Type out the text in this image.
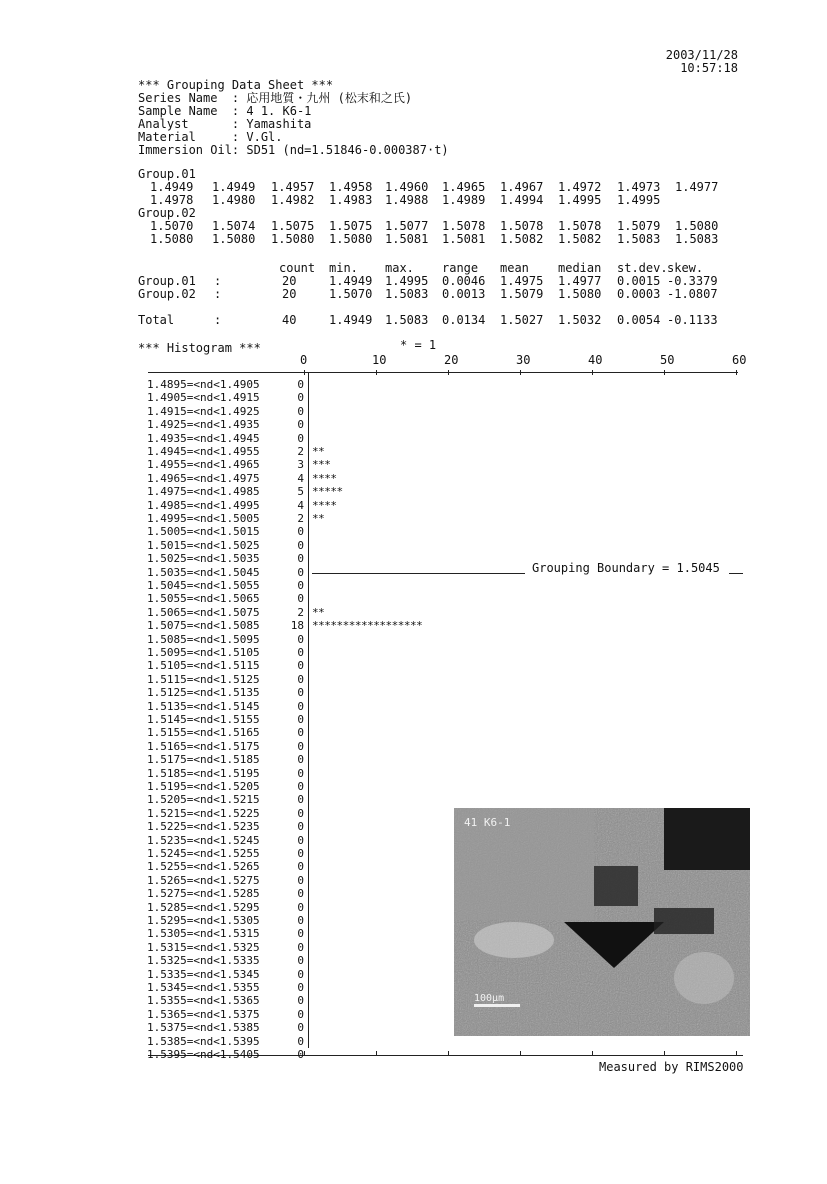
2003/11/28
10:57:18
*** Grouping Data Sheet ***
Series Name  : 応用地質・九州 (松末和之氏)
Sample Name  : 4 1. K6-1
Analyst      : Yamashita
Material     : V.Gl.
Immersion Oil: SD51 (nd=1.51846-0.000387·t)
Group.01
1.4949 1.4949 1.4957 1.4958 1.4960 1.4965 1.4967 1.4972 1.4973 1.4977
1.4978 1.4980 1.4982 1.4983 1.4988 1.4989 1.4994 1.4995 1.4995
Group.02
1.5070 1.5074 1.5075 1.5075 1.5077 1.5078 1.5078 1.5078 1.5079 1.5080
1.5080 1.5080 1.5080 1.5080 1.5081 1.5081 1.5082 1.5082 1.5083 1.5083
count min. max. range mean median st.dev. skew.
Group.01 :	20	1.4949 1.4995 0.0046 1.4975 1.4977 0.0015 -0.3379
Group.02 :	20	1.5070 1.5083 0.0013 1.5079 1.5080 0.0003 -1.0807
Total	:	40	1.4949 1.5083 0.0134 1.5027 1.5032 0.0054 -0.1133
*** Histogram ***	* = 1
0	10	20	30	40	50	60
1.4895=<nd<1.4905	0
1.4905=<nd<1.4915	0
1.4915=<nd<1.4925	0
1.4925=<nd<1.4935	0
1.4935=<nd<1.4945	0
1.4945=<nd<1.4955	2 **
1.4955=<nd<1.4965	3 ***
1.4965=<nd<1.4975	4 ****
1.4975=<nd<1.4985	5 *****
1.4985=<nd<1.4995	4 ****
1.4995=<nd<1.5005	2 **
1.5005=<nd<1.5015	0
1.5015=<nd<1.5025	0
1.5025=<nd<1.5035	0
1.5035=<nd<1.5045	0
1.5045=<nd<1.5055	0
1.5055=<nd<1.5065	0
1.5065=<nd<1.5075	2 **
1.5075=<nd<1.5085	18 ******************
1.5085=<nd<1.5095	0
1.5095=<nd<1.5105	0
1.5105=<nd<1.5115	0
1.5115=<nd<1.5125	0
1.5125=<nd<1.5135	0
1.5135=<nd<1.5145	0
1.5145=<nd<1.5155	0
1.5155=<nd<1.5165	0
1.5165=<nd<1.5175	0
1.5175=<nd<1.5185	0
1.5185=<nd<1.5195	0
1.5195=<nd<1.5205	0
1.5205=<nd<1.5215	0
1.5215=<nd<1.5225	0
1.5225=<nd<1.5235	0
1.5235=<nd<1.5245	0
1.5245=<nd<1.5255	0
1.5255=<nd<1.5265	0
1.5265=<nd<1.5275	0
1.5275=<nd<1.5285	0
1.5285=<nd<1.5295	0
1.5295=<nd<1.5305	0
1.5305=<nd<1.5315	0
1.5315=<nd<1.5325	0
1.5325=<nd<1.5335	0
1.5335=<nd<1.5345	0
1.5345=<nd<1.5355	0
1.5355=<nd<1.5365	0
1.5365=<nd<1.5375	0
1.5375=<nd<1.5385	0
1.5385=<nd<1.5395	0
1.5395=<nd<1.5405	0
Grouping Boundary = 1.5045
41 K6-1
100μm
Measured by RIMS2000
